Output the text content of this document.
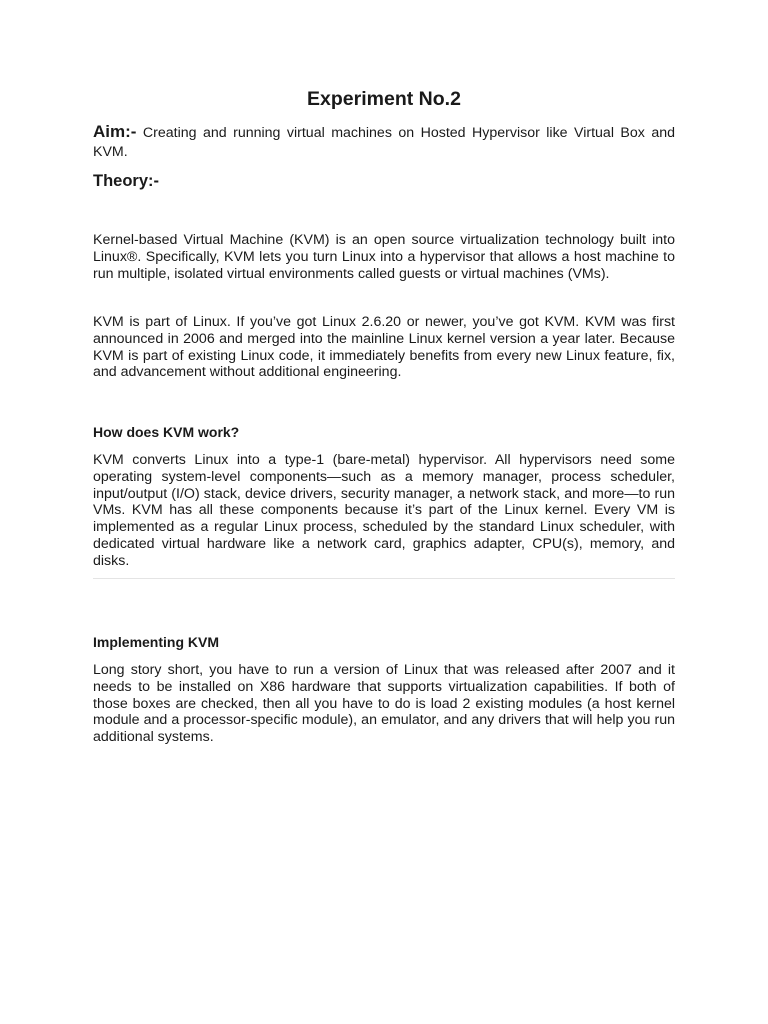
Experiment No.2

Aim:- Creating and running virtual machines on Hosted Hypervisor like Virtual Box and KVM.

Theory:-

Kernel-based Virtual Machine (KVM) is an open source virtualization technology built into Linux®. Specifically, KVM lets you turn Linux into a hypervisor that allows a host machine to run multiple, isolated virtual environments called guests or virtual machines (VMs).

KVM is part of Linux. If you’ve got Linux 2.6.20 or newer, you’ve got KVM. KVM was first announced in 2006 and merged into the mainline Linux kernel version a year later. Because KVM is part of existing Linux code, it immediately benefits from every new Linux feature, fix, and advancement without additional engineering.

How does KVM work?

KVM converts Linux into a type-1 (bare-metal) hypervisor. All hypervisors need some operating system-level components—such as a memory manager, process scheduler, input/output (I/O) stack, device drivers, security manager, a network stack, and more—to run VMs. KVM has all these components because it’s part of the Linux kernel. Every VM is implemented as a regular Linux process, scheduled by the standard Linux scheduler, with dedicated virtual hardware like a network card, graphics adapter, CPU(s), memory, and disks.

Implementing KVM

Long story short, you have to run a version of Linux that was released after 2007 and it needs to be installed on X86 hardware that supports virtualization capabilities. If both of those boxes are checked, then all you have to do is load 2 existing modules (a host kernel module and a processor-specific module), an emulator, and any drivers that will help you run additional systems.
